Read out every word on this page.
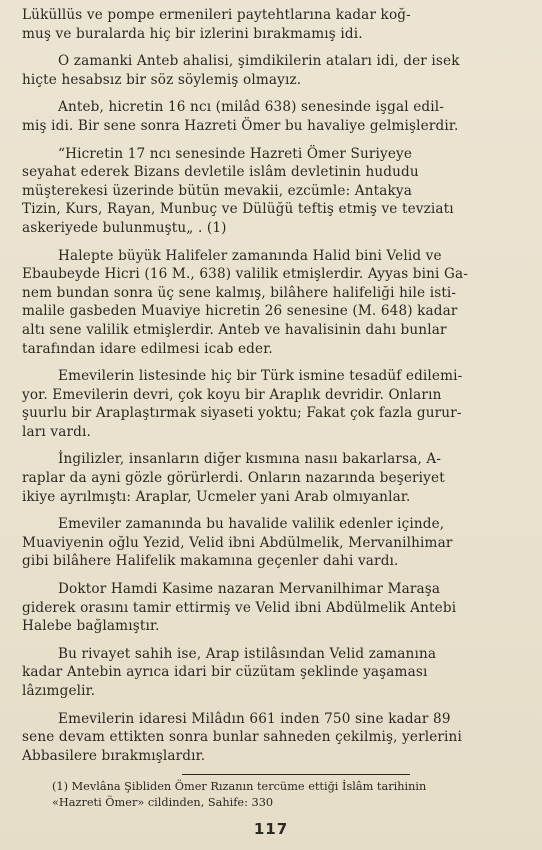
Lüküllüs ve pompe ermenileri paytehtlarına kadar koğ-
muş ve buralarda hiç bir izlerini bırakmamış idi.

O zamanki Anteb ahalisi, şimdikilerin ataları idi, der isek
hiçte hesabsız bir söz söylemiş olmayız.

Anteb, hicretin 16 ncı (milâd 638) senesinde işgal edil-
miş idi. Bir sene sonra Hazreti Ömer bu havaliye gelmişlerdir.

“Hicretin 17 ncı senesinde Hazreti Ömer Suriyeye
seyahat ederek Bizans devletile islâm devletinin hududu
müşterekesi üzerinde bütün mevakii, ezcümle: Antakya
Tizin, Kurs, Rayan, Munbuç ve Dülüğü teftiş etmiş ve tevziatı
askeriyede bulunmuştu„ . (1)

Halepte büyük Halifeler zamanında Halid bini Velid ve
Ebaubeyde Hicri (16 M., 638) valilik etmişlerdir. Ayyas bini Ga-
nem bundan sonra üç sene kalmış, bilâhere halifeliği hile isti-
malile gasbeden Muaviye hicretin 26 senesine (M. 648) kadar
altı sene valilik etmişlerdir. Anteb ve havalisinin dahı bunlar
tarafından idare edilmesi icab eder.

Emevilerin listesinde hiç bir Türk ismine tesadüf edilemi-
yor. Emevilerin devri, çok koyu bir Araplık devridir. Onların
şuurlu bir Araplaştırmak siyaseti yoktu; Fakat çok fazla gurur-
ları vardı.

İngilizler, insanların diğer kısmına nasıı bakarlarsa, A-
raplar da ayni gözle görürlerdi. Onların nazarında beşeriyet
ikiye ayrılmıştı: Araplar, Ucmeler yani Arab olmıyanlar.

Emeviler zamanında bu havalide valilik edenler içinde,
Muaviyenin oğlu Yezid, Velid ibni Abdülmelik, Mervanilhimar
gibi bilâhere Halifelik makamına geçenler dahi vardı.

Doktor Hamdi Kasime nazaran Mervanilhimar Maraşa
giderek orasını tamir ettirmiş ve Velid ibni Abdülmelik Antebi
Halebe bağlamıştır.

Bu rivayet sahih ise, Arap istilâsından Velid zamanına
kadar Antebin ayrıca idari bir cüzütam şeklinde yaşaması
lâzımgelir.

Emevilerin idaresi Milâdın 661 inden 750 sine kadar 89
sene devam ettikten sonra bunlar sahneden çekilmiş, yerlerini
Abbasilere bırakmışlardır.

(1) Mevlâna Şibliden Ömer Rızanın tercüme ettiği İslâm tarihinin
«Hazreti Ömer» cildinden, Sahife: 330
117
